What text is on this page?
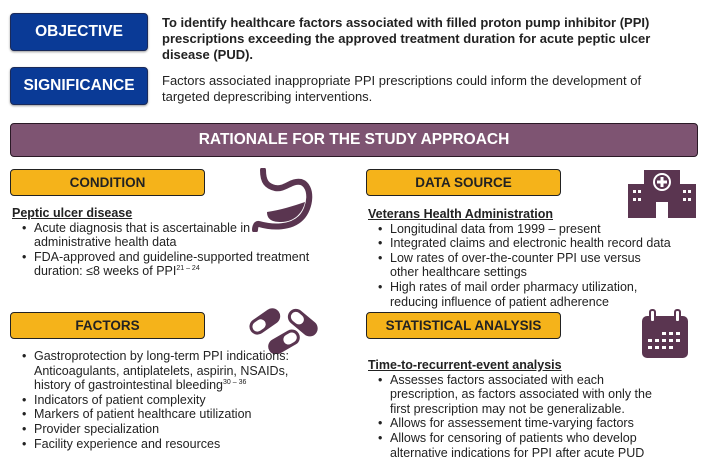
OBJECTIVE
To identify healthcare factors associated with filled proton pump inhibitor (PPI) prescriptions exceeding the approved treatment duration for acute peptic ulcer disease (PUD).
SIGNIFICANCE	Factors associated inappropriate PPI prescriptions could inform the development of targeted deprescribing interventions.
RATIONALE FOR THE STUDY APPROACH
CONDITION
Peptic ulcer disease
• Acute diagnosis that is ascertainable in administrative health data
• FDA-approved and guideline-supported treatment duration: ≤8 weeks of PPI$^{21 - 24}$
DATA SOURCE
Veterans Health Administration
• Longitudinal data from 1999 – present
• Integrated claims and electronic health record data
• Low rates of over-the-counter PPI use versus other healthcare settings
• High rates of mail order pharmacy utilization, reducing influence of patient adherence
FACTORS
• Gastroprotection by long-term PPI indications: Anticoagulants, antiplatelets, aspirin, NSAIDs, history of gastrointestinal bleeding$^{30 - 36}$
• Indicators of patient complexity
• Markers of patient healthcare utilization
• Provider specialization
• Facility experience and resources
STATISTICAL ANALYSIS
Time-to-recurrent-event analysis
• Assesses factors associated with each prescription, as factors associated with only the first prescription may not be generalizable.
• Allows for assessement time-varying factors
• Allows for censoring of patients who develop alternative indications for PPI after acute PUD
